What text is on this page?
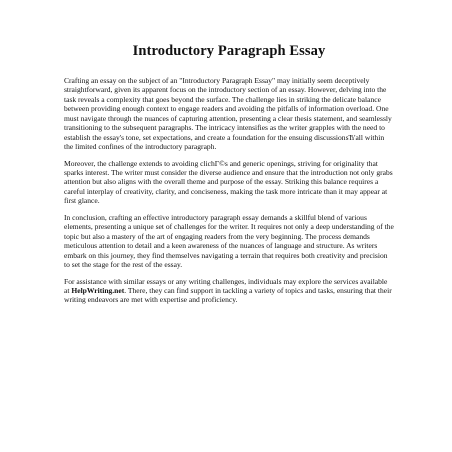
Introductory Paragraph Essay

Crafting an essay on the subject of an "Introductory Paragraph Essay" may initially seem deceptively straightforward, given its apparent focus on the introductory section of an essay. However, delving into the task reveals a complexity that goes beyond the surface. The challenge lies in striking the delicate balance between providing enough context to engage readers and avoiding the pitfalls of information overload. One must navigate through the nuances of capturing attention, presenting a clear thesis statement, and seamlessly transitioning to the subsequent paragraphs. The intricacy intensifies as the writer grapples with the need to establish the essay's tone, set expectations, and create a foundation for the ensuing discussionsЋ'all within the limited confines of the introductory paragraph.

Moreover, the challenge extends to avoiding clichГ©s and generic openings, striving for originality that sparks interest. The writer must consider the diverse audience and ensure that the introduction not only grabs attention but also aligns with the overall theme and purpose of the essay. Striking this balance requires a careful interplay of creativity, clarity, and conciseness, making the task more intricate than it may appear at first glance.

In conclusion, crafting an effective introductory paragraph essay demands a skillful blend of various elements, presenting a unique set of challenges for the writer. It requires not only a deep understanding of the topic but also a mastery of the art of engaging readers from the very beginning. The process demands meticulous attention to detail and a keen awareness of the nuances of language and structure. As writers embark on this journey, they find themselves navigating a terrain that requires both creativity and precision to set the stage for the rest of the essay.

For assistance with similar essays or any writing challenges, individuals may explore the services available at HelpWriting.net. There, they can find support in tackling a variety of topics and tasks, ensuring that their writing endeavors are met with expertise and proficiency.
